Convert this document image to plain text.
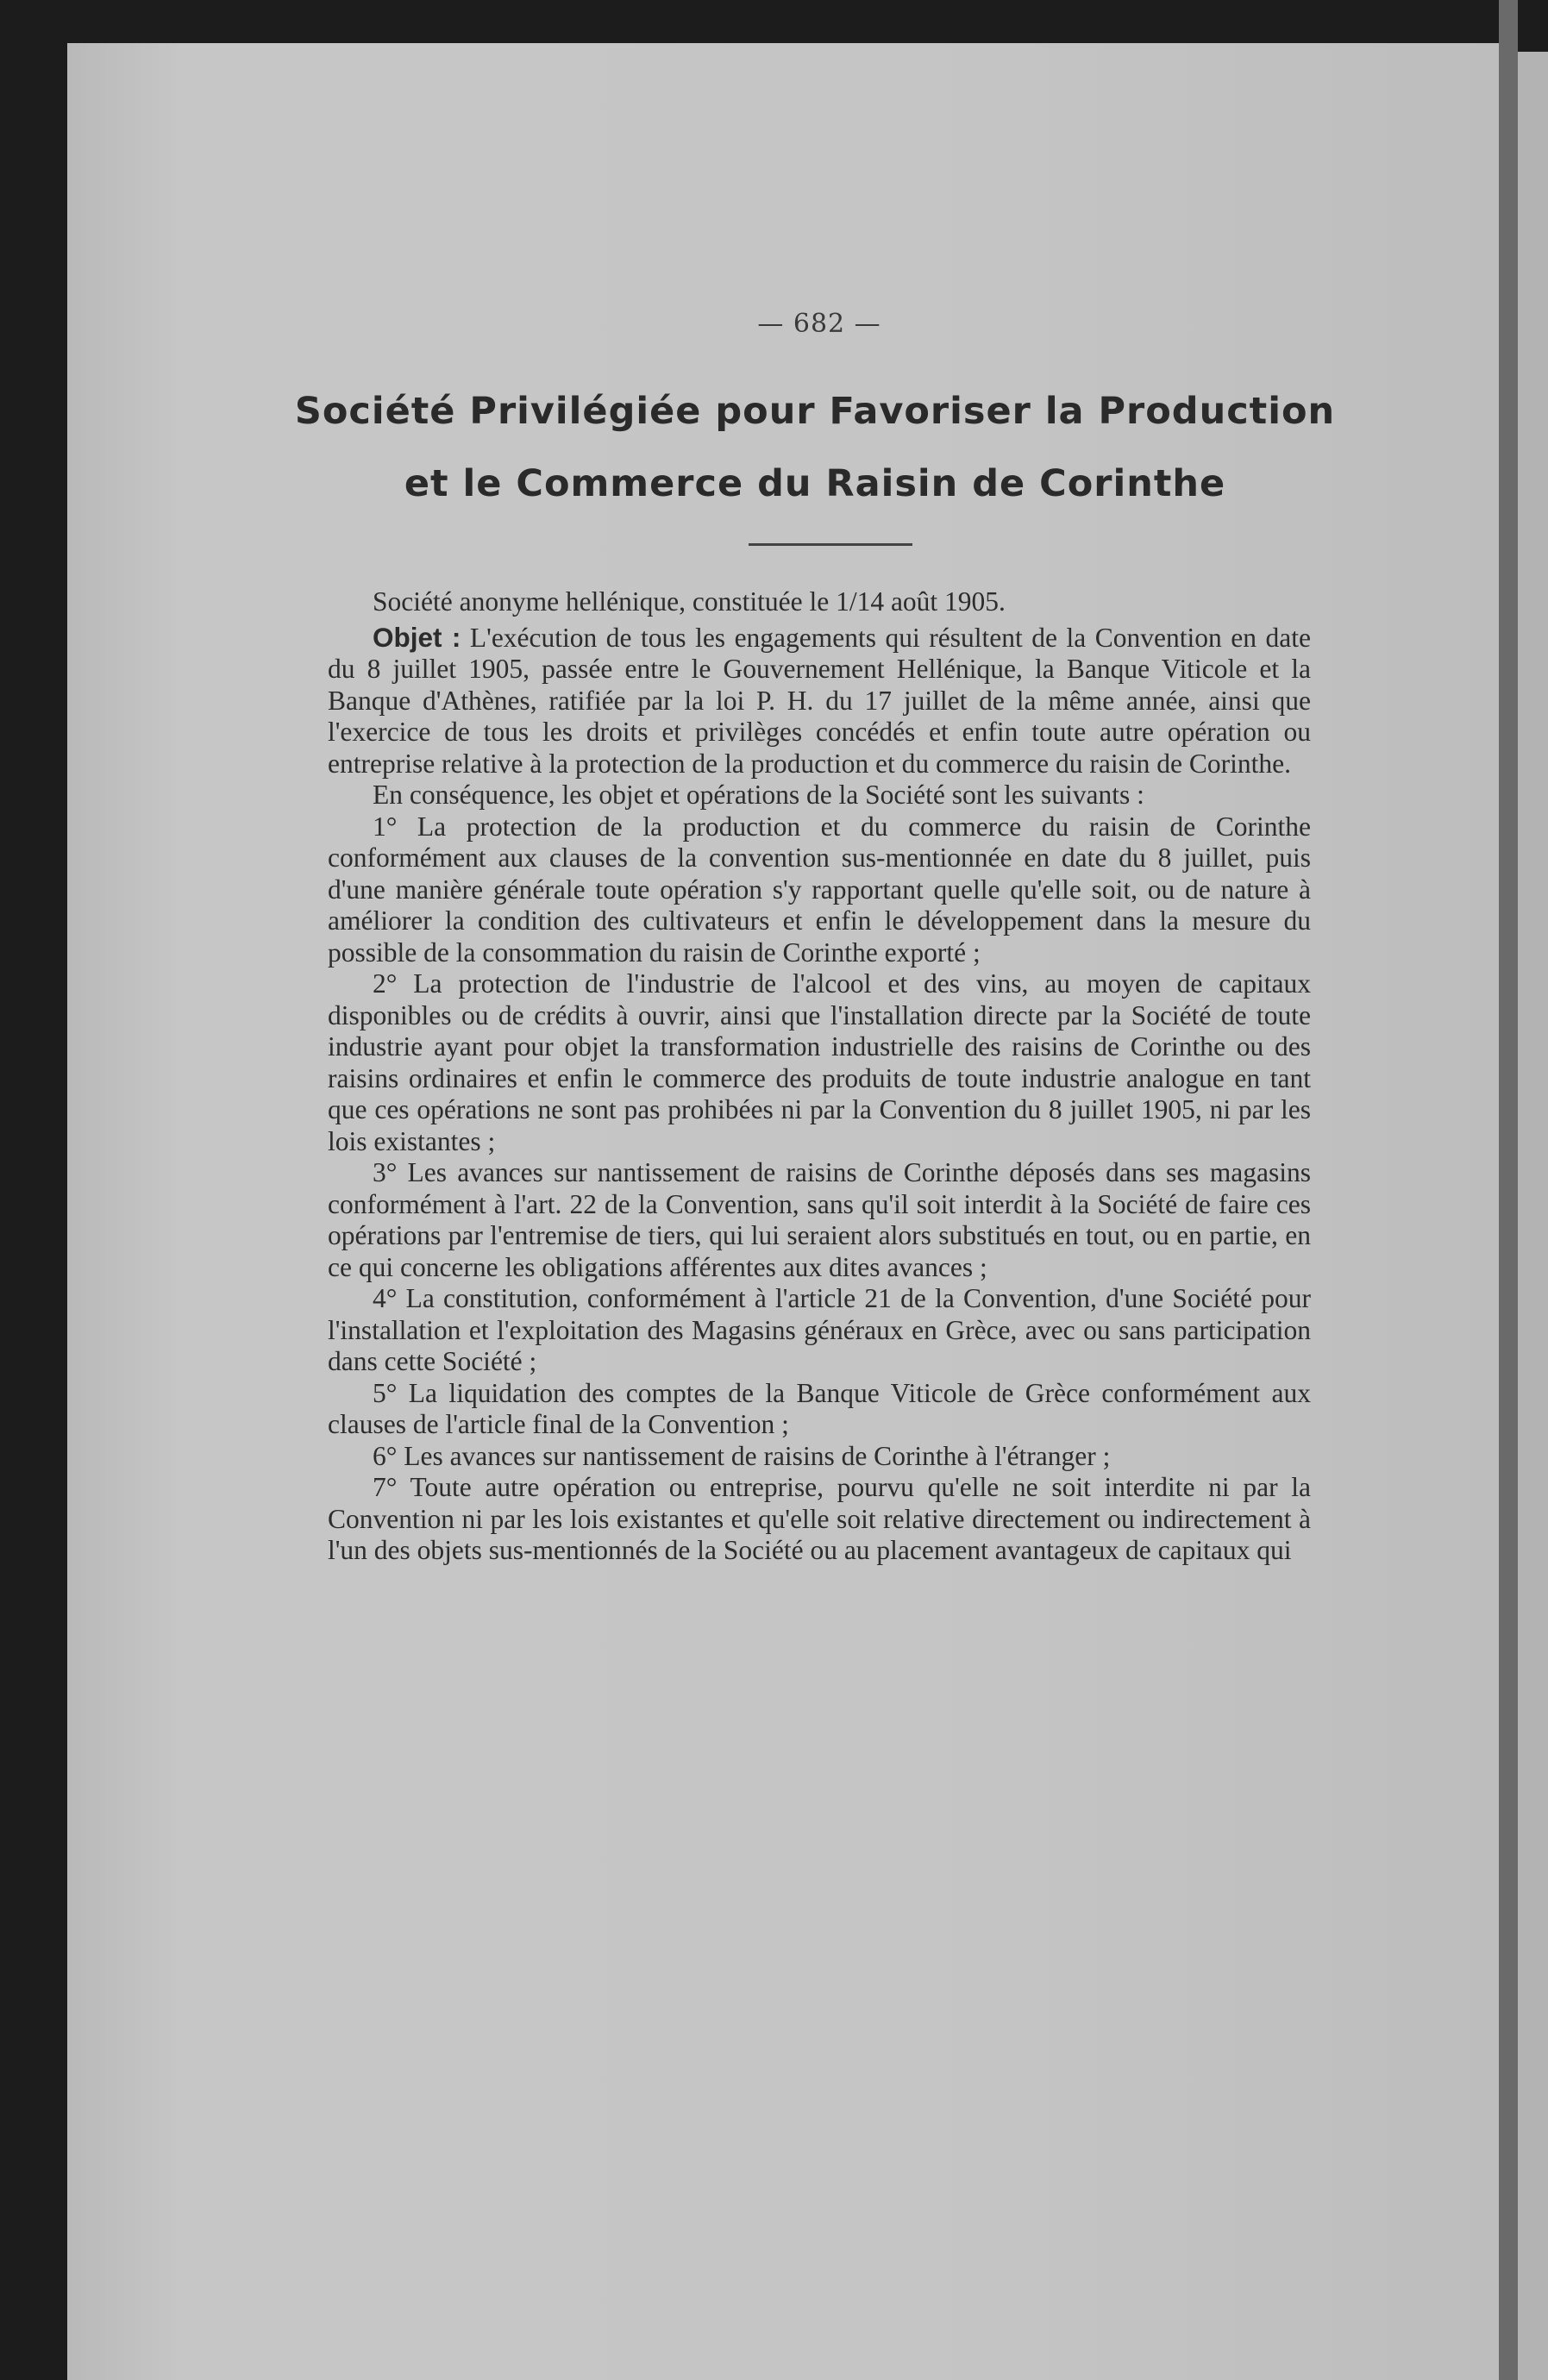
— 682 —
Société Privilégiée pour Favoriser la Production
et le Commerce du Raisin de Corinthe

Société anonyme hellénique, constituée le 1/14 août 1905.

Objet : L'exécution de tous les engagements qui résultent de la Convention en date du 8 juillet 1905, passée entre le Gouvernement Hellénique, la Banque Viticole et la Banque d'Athènes, ratifiée par la loi P. H. du 17 juillet de la même année, ainsi que l'exercice de tous les droits et privilèges concédés et enfin toute autre opération ou entreprise relative à la protection de la production et du commerce du raisin de Corinthe.

En conséquence, les objet et opérations de la Société sont les suivants :

1° La protection de la production et du commerce du raisin de Corinthe conformément aux clauses de la convention sus-mentionnée en date du 8 juillet, puis d'une manière générale toute opération s'y rapportant quelle qu'elle soit, ou de nature à améliorer la condition des cultivateurs et enfin le développement dans la mesure du possible de la consommation du raisin de Corinthe exporté ;

2° La protection de l'industrie de l'alcool et des vins, au moyen de capitaux disponibles ou de crédits à ouvrir, ainsi que l'installation directe par la Société de toute industrie ayant pour objet la transformation industrielle des raisins de Corinthe ou des raisins ordinaires et enfin le commerce des produits de toute industrie analogue en tant que ces opérations ne sont pas prohibées ni par la Convention du 8 juillet 1905, ni par les lois existantes ;

3° Les avances sur nantissement de raisins de Corinthe déposés dans ses magasins conformément à l'art. 22 de la Convention, sans qu'il soit interdit à la Société de faire ces opérations par l'entremise de tiers, qui lui seraient alors substitués en tout, ou en partie, en ce qui concerne les obligations afférentes aux dites avances ;

4° La constitution, conformément à l'article 21 de la Convention, d'une Société pour l'installation et l'exploitation des Magasins généraux en Grèce, avec ou sans participation dans cette Société ;

5° La liquidation des comptes de la Banque Viticole de Grèce conformément aux clauses de l'article final de la Convention ;

6° Les avances sur nantissement de raisins de Corinthe à l'étranger ;

7° Toute autre opération ou entreprise, pourvu qu'elle ne soit interdite ni par la Convention ni par les lois existantes et qu'elle soit relative directement ou indirectement à l'un des objets sus-mentionnés de la Société ou au placement avantageux de capitaux qui
